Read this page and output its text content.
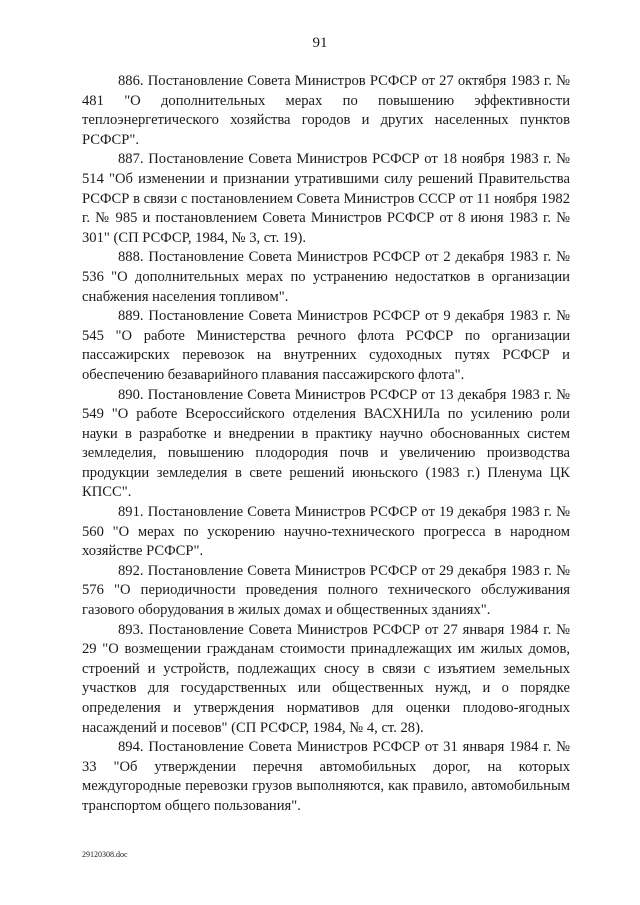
91

886. Постановление Совета Министров РСФСР от 27 октября 1983 г. № 481 "О дополнительных мерах по повышению эффективности теплоэнергетического хозяйства городов и других населенных пунктов РСФСР".

887. Постановление Совета Министров РСФСР от 18 ноября 1983 г. № 514 "Об изменении и признании утратившими силу решений Правительства РСФСР в связи с постановлением Совета Министров СССР от 11 ноября 1982 г. № 985 и постановлением Совета Министров РСФСР от 8 июня 1983 г. № 301" (СП РСФСР, 1984, № 3, ст. 19).

888. Постановление Совета Министров РСФСР от 2 декабря 1983 г. № 536 "О дополнительных мерах по устранению недостатков в организации снабжения населения топливом".

889. Постановление Совета Министров РСФСР от 9 декабря 1983 г. № 545 "О работе Министерства речного флота РСФСР по организации пассажирских перевозок на внутренних судоходных путях РСФСР и обеспечению безаварийного плавания пассажирского флота".

890. Постановление Совета Министров РСФСР от 13 декабря 1983 г. № 549 "О работе Всероссийского отделения ВАСХНИЛа по усилению роли науки в разработке и внедрении в практику научно обоснованных систем земледелия, повышению плодородия почв и увеличению производства продукции земледелия в свете решений июньского (1983 г.) Пленума ЦК КПСС".

891. Постановление Совета Министров РСФСР от 19 декабря 1983 г. № 560 "О мерах по ускорению научно-технического прогресса в народном хозяйстве РСФСР".

892. Постановление Совета Министров РСФСР от 29 декабря 1983 г. № 576 "О периодичности проведения полного технического обслуживания газового оборудования в жилых домах и общественных зданиях".

893. Постановление Совета Министров РСФСР от 27 января 1984 г. № 29 "О возмещении гражданам стоимости принадлежащих им жилых домов, строений и устройств, подлежащих сносу в связи с изъятием земельных участков для государственных или общественных нужд, и о порядке определения и утверждения нормативов для оценки плодово-ягодных насаждений и посевов" (СП РСФСР, 1984, № 4, ст. 28).

894. Постановление Совета Министров РСФСР от 31 января 1984 г. № 33 "Об утверждении перечня автомобильных дорог, на которых междугородные перевозки грузов выполняются, как правило, автомобильным транспортом общего пользования".

29120308.doc
